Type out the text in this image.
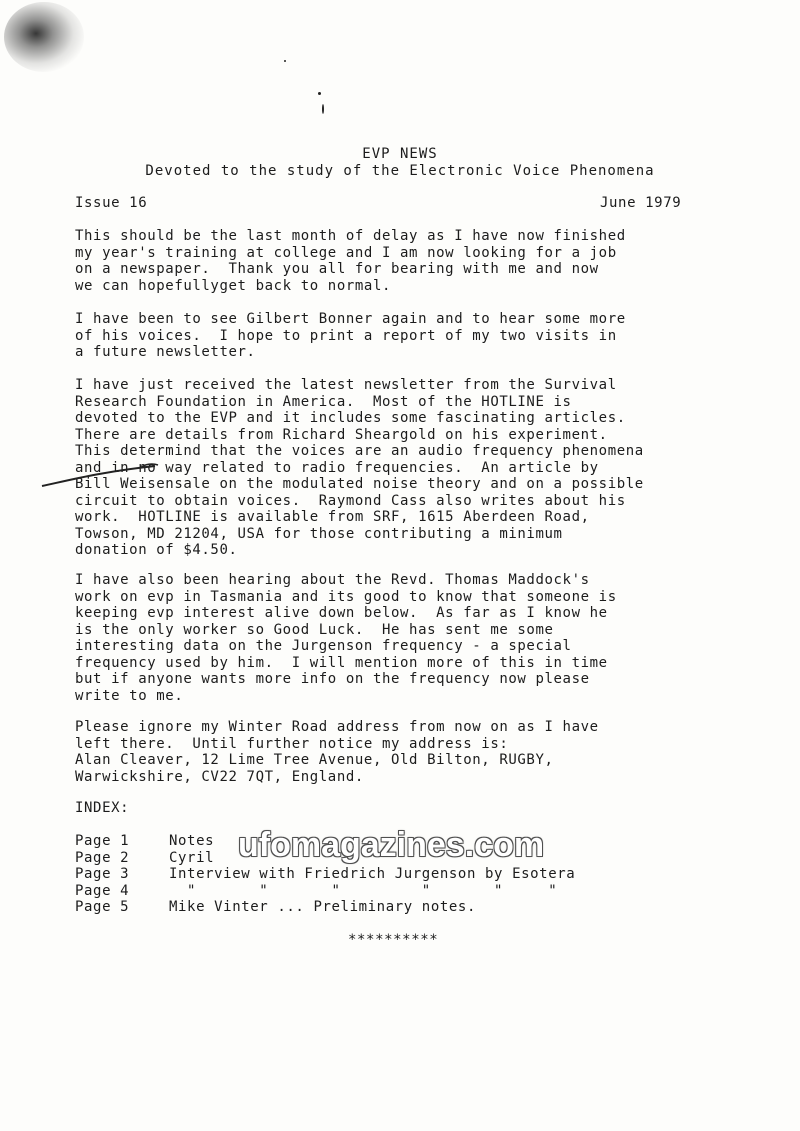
EVP NEWS
Devoted to the study of the Electronic Voice Phenomena
Issue 16	June 1979
This should be the last month of delay as I have now finished
my year's training at college and I am now looking for a job
on a newspaper.  Thank you all for bearing with me and now
we can hopefullyget back to normal.
I have been to see Gilbert Bonner again and to hear some more
of his voices.  I hope to print a report of my two visits in
a future newsletter.
I have just received the latest newsletter from the Survival
Research Foundation in America.  Most of the HOTLINE is
devoted to the EVP and it includes some fascinating articles.
There are details from Richard Sheargold on his experiment.
This determind that the voices are an audio frequency phenomena
and in no way related to radio frequencies.  An article by
Bill Weisensale on the modulated noise theory and on a possible
circuit to obtain voices.  Raymond Cass also writes about his
work.  HOTLINE is available from SRF, 1615 Aberdeen Road,
Towson, MD 21204, USA for those contributing a minimum
donation of $4.50.
I have also been hearing about the Revd. Thomas Maddock's
work on evp in Tasmania and its good to know that someone is
keeping evp interest alive down below.  As far as I know he
is the only worker so Good Luck.  He has sent me some
interesting data on the Jurgenson frequency - a special
frequency used by him.  I will mention more of this in time
but if anyone wants more info on the frequency now please
write to me.
Please ignore my Winter Road address from now on as I have
left there.  Until further notice my address is:
Alan Cleaver, 12 Lime Tree Avenue, Old Bilton, RUGBY,
Warwickshire, CV22 7QT, England.
INDEX:
Page 1	Notes
Page 2	Cyril
Page 3	Interview with Friedrich Jurgenson by Esotera
Page 4	"       "       "         "       "     "
Page 5	Mike Vinter ... Preliminary notes.
ufomagazines.com
**********
